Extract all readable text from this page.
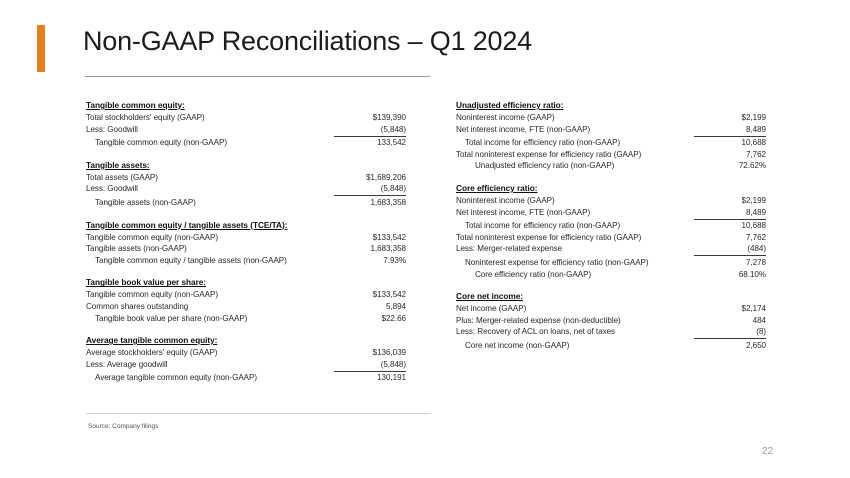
Non-GAAP Reconciliations – Q1 2024
Tangible common equity:
Total stockholders' equity (GAAP)	$139,390
Less: Goodwill	(5,848)
Tangible common equity (non-GAAP)	133,542
Tangible assets:
Total assets (GAAP)	$1,689,206
Less: Goodwill	(5,848)
Tangible assets (non-GAAP)	1,683,358
Tangible common equity / tangible assets (TCE/TA):
Tangible common equity (non-GAAP)	$133,542
Tangible assets (non-GAAP)	1,683,358
Tangible common equity / tangible assets (non-GAAP)	7.93%
Tangible book value per share:
Tangible common equity (non-GAAP)	$133,542
Common shares outstanding	5,894
Tangible book value per share (non-GAAP)	$22.66
Average tangible common equity:
Average stockholders' equity (GAAP)	$136,039
Less: Average goodwill	(5,848)
Average tangible common equity (non-GAAP)	130,191
Unadjusted efficiency ratio:
Noninterest income (GAAP)	$2,199
Net interest income, FTE (non-GAAP)	8,489
Total income for efficiency ratio (non-GAAP)	10,688
Total noninterest expense for efficiency ratio (GAAP)	7,762
Unadjusted efficiency ratio (non-GAAP)	72.62%
Core efficiency ratio:
Noninterest income (GAAP)	$2,199
Net interest income, FTE (non-GAAP)	8,489
Total income for efficiency ratio (non-GAAP)	10,688
Total noninterest expense for efficiency ratio (GAAP)	7,762
Less: Merger-related expense	(484)
Noninterest expense for efficiency ratio (non-GAAP)	7,278
Core efficiency ratio (non-GAAP)	68.10%
Core net income:
Net income (GAAP)	$2,174
Plus: Merger-related expense (non-deductible)	484
Less: Recovery of ACL on loans, net of taxes	(8)
Core net income (non-GAAP)	2,650
Source: Company filings
22
